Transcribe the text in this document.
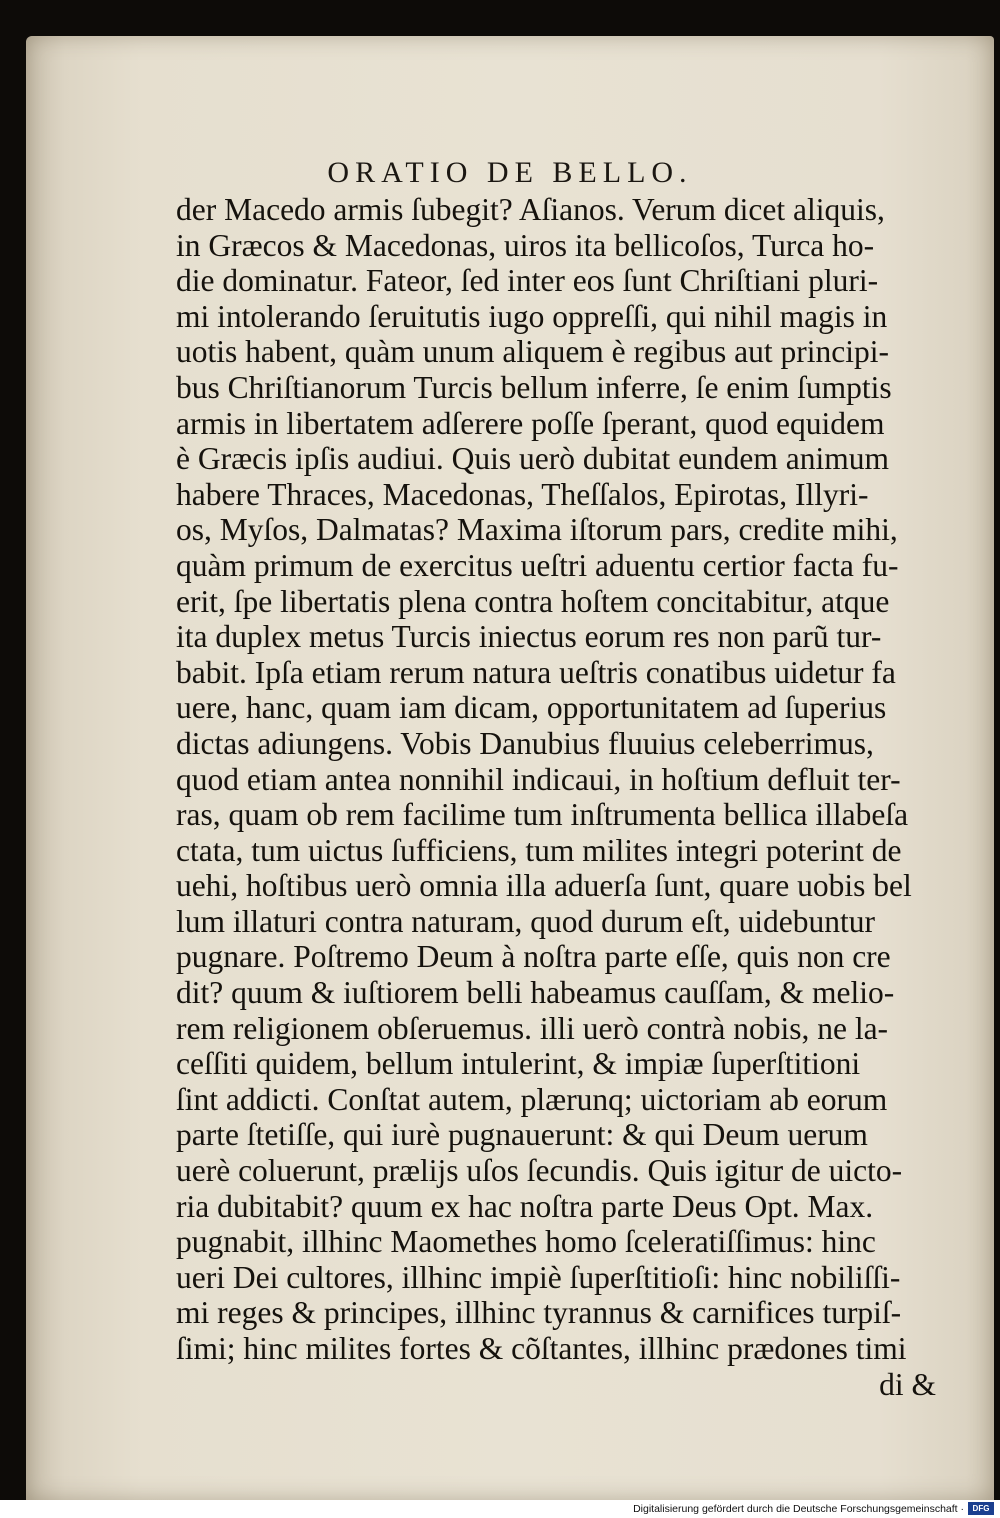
ORATIO DE BELLO.
der Macedo armis ſubegit? Aſianos. Verum dicet aliquis,
in Græcos & Macedonas, uiros ita bellicoſos, Turca ho-
die dominatur. Fateor, ſed inter eos ſunt Chriſtiani pluri-
mi intolerando ſeruitutis iugo oppreſſi, qui nihil magis in
uotis habent, quàm unum aliquem è regibus aut principi-
bus Chriſtianorum Turcis bellum inferre, ſe enim ſumptis
armis in libertatem adſerere poſſe ſperant, quod equidem
è Græcis ipſis audiui. Quis uerò dubitat eundem animum
habere Thraces, Macedonas, Theſſalos, Epirotas, Illyri-
os, Myſos, Dalmatas? Maxima iſtorum pars, credite mihi,
quàm primum de exercitus ueſtri aduentu certior facta fu-
erit, ſpe libertatis plena contra hoſtem concitabitur, atque
ita duplex metus Turcis iniectus eorum res non parũ tur-
babit. Ipſa etiam rerum natura ueſtris conatibus uidetur fa
uere, hanc, quam iam dicam, opportunitatem ad ſuperius
dictas adiungens. Vobis Danubius fluuius celeberrimus,
quod etiam antea nonnihil indicaui, in hoſtium defluit ter-
ras, quam ob rem facilime tum inſtrumenta bellica illabeſa
ctata, tum uictus ſufficiens, tum milites integri poterint de
uehi, hoſtibus uerò omnia illa aduerſa ſunt, quare uobis bel
lum illaturi contra naturam, quod durum eſt, uidebuntur
pugnare. Poſtremo Deum à noſtra parte eſſe, quis non cre
dit? quum & iuſtiorem belli habeamus cauſſam, & melio-
rem religionem obſeruemus. illi uerò contrà nobis, ne la-
ceſſiti quidem, bellum intulerint, & impiæ ſuperſtitioni
ſint addicti. Conſtat autem, plærunq; uictoriam ab eorum
parte ſtetiſſe, qui iurè pugnauerunt: & qui Deum uerum
uerè coluerunt, prælijs uſos ſecundis. Quis igitur de uicto-
ria dubitabit? quum ex hac noſtra parte Deus Opt. Max.
pugnabit, illhinc Maomethes homo ſceleratiſſimus: hinc
ueri Dei cultores, illhinc impiè ſuperſtitioſi: hinc nobiliſſi-
mi reges & principes, illhinc tyrannus & carnifices turpiſ-
ſimi; hinc milites fortes & cõſtantes, illhinc prædones timi
di &
Digitalisierung gefördert durch die Deutsche Forschungsgemeinschaft ·	DFG
